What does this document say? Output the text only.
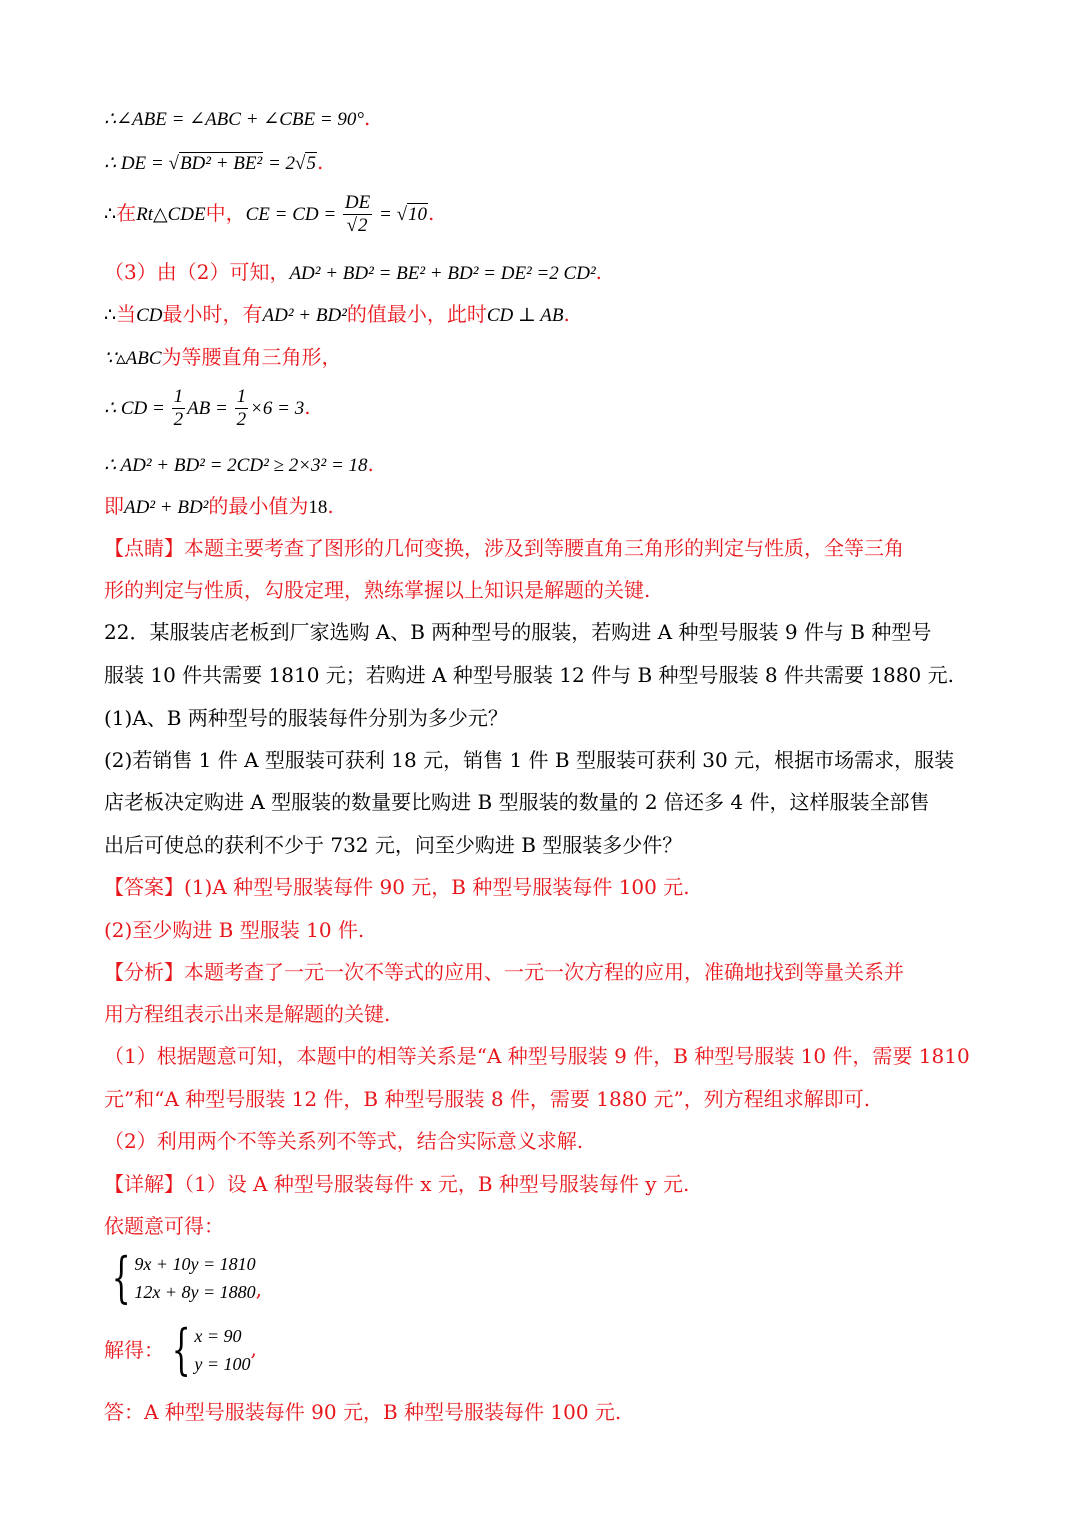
∴∠ABE = ∠ABC + ∠CBE = 90°.
∴ DE = √BD² + BE² = 2√5.
∴在Rt△CDE中，CE = CD = $\frac{DE}{√2} = √10$.
（3）由（2）可知，AD² + BD² = BE² + BD² = DE² =2 CD².
∴当CD最小时，有AD² + BD²的值最小，此时CD ⊥ AB.
∵▵ABC为等腰直角三角形，
∴ CD = $\frac{1}{2}$ AB = $\frac{1}{2} \times 6 = 3$.
∴ AD² + BD² = 2CD² ≥ 2×3² = 18.
即AD² + BD²的最小值为18.
【点睛】本题主要考查了图形的几何变换，涉及到等腰直角三角形的判定与性质，全等三角
形的判定与性质，勾股定理，熟练掌握以上知识是解题的关键.
22．某服装店老板到厂家选购 A、B 两种型号的服装，若购进 A 种型号服装 9 件与 B 种型号
服装 10 件共需要 1810 元；若购进 A 种型号服装 12 件与 B 种型号服装 8 件共需要 1880 元.
(1)A、B 两种型号的服装每件分别为多少元？
(2)若销售 1 件 A 型服装可获利 18 元，销售 1 件 B 型服装可获利 30 元，根据市场需求，服装
店老板决定购进 A 型服装的数量要比购进 B 型服装的数量的 2 倍还多 4 件，这样服装全部售
出后可使总的获利不少于 732 元，问至少购进 B 型服装多少件？
【答案】(1)A 种型号服装每件 90 元，B 种型号服装每件 100 元.
(2)至少购进 B 型服装 10 件.
【分析】本题考查了一元一次不等式的应用、一元一次方程的应用，准确地找到等量关系并
用方程组表示出来是解题的关键.
（1）根据题意可知，本题中的相等关系是“A 种型号服装 9 件，B 种型号服装 10 件，需要 1810
元”和“A 种型号服装 12 件，B 种型号服装 8 件，需要 1880 元”，列方程组求解即可.
（2）利用两个不等关系列不等式，结合实际意义求解.
【详解】（1）设 A 种型号服装每件 x 元，B 种型号服装每件 y 元.
依题意可得：
{ 9x + 10y = 1810
12x + 8y = 1880 ,
解得： { x = 90
y = 100
,
答：A 种型号服装每件 90 元，B 种型号服装每件 100 元.
